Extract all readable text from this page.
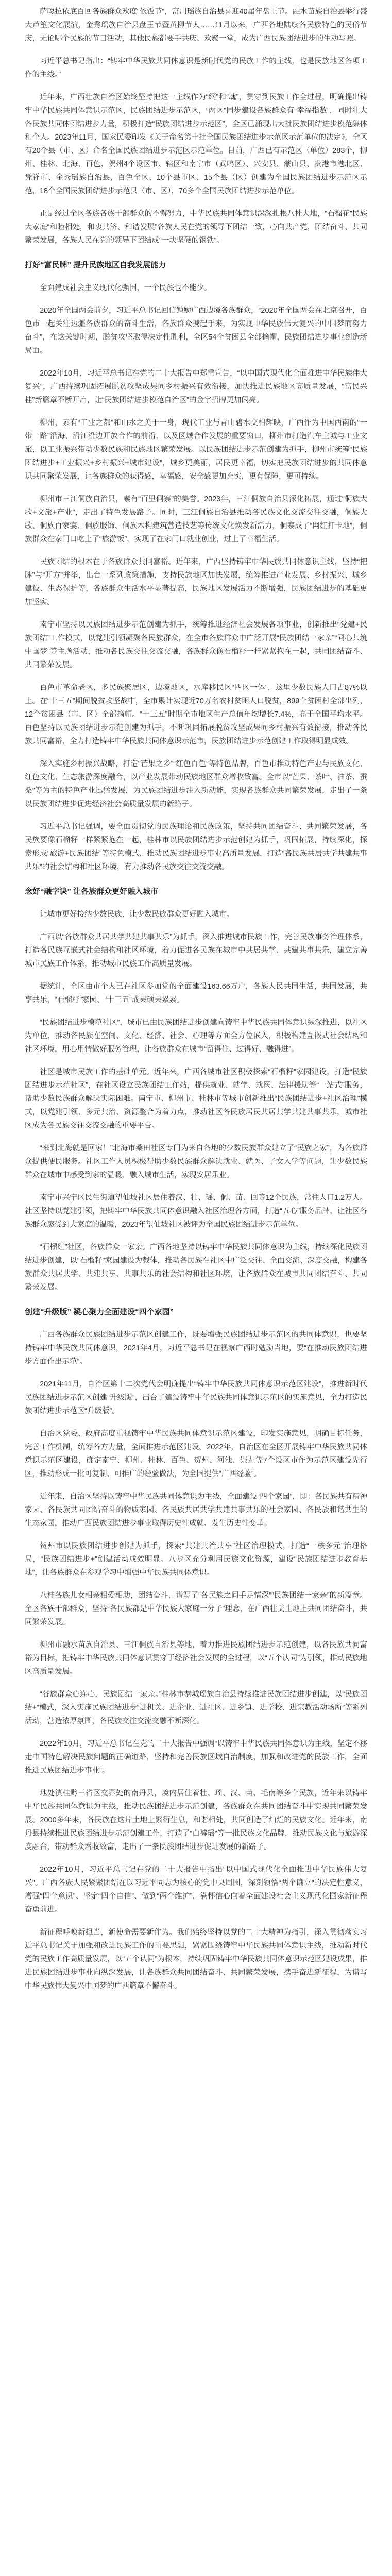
萨嘎拉依底百回各族群众欢度“依饭节”，富川瑶族自治县喜迎40届年盘王节。融水苗族自治县举行盛大芦笙文化展演，金秀瑶族自治县盘王节暨黄柳节人……11月以来，广西各地陆续各民族特色的民俗节庆，无论哪个民族的节日活动，其他民族都要手共庆、欢聚一堂，成为广西民族团结进步的生动写照。

习近平总书记指出：“铸牢中华民族共同体意识是新时代党的民族工作的主线，也是民族地区各项工作的主线。”

近年来，广西壮族自治区始终坚持把这一主线作为“纲”和“魂”，贯穿到民族工作全过程，明确提出铸牢中华民族共同体意识示范区，民族团结进步示范区，“两区”同步建设各族群众有“幸福指数”，同时壮大各民族共同体团结进步力量，积极打造“民族团结进步示范区”，全区已涌现出大批民族团结进步模范集体和个人。2023年11月，国家民委印发《关于命名第十批全国民族团结进步示范区示范单位的决定》，全区有20个县（市、区）命名全国民族团结进步示范区示范单位。目前，广西已有示范区（单位）283个，柳州、桂林、北海、百色、贺州4个设区市、辖区和南宁市（武鸣区）、兴安县、蒙山县、贵港市港北区、凭祥市、金秀瑶族自治县，百色全区、10个县市区、15个县（区）创建为全国民族团结进步示范区示范，18个全国民族团结进步示范县（市、区），70多个全国民族团结进步示范单位。

正是经过全区各族各族干部群众的不懈努力，中华民族共同体意识深深扎根八桂大地，“石榴花”民族大家庭“和睦相处，和衷共济、和谐发展”各族人民在党的领导下团结一致，心向共产党，团结奋斗、共同繁荣发展，各族人民在党的领导下团结成“一块坚硬的钢铁”。

打好“富民牌” 提升民族地区自我发展能力

全面建成社会主义现代化强国，一个民族也不能少。

2020年全国两会前夕，习近平总书记回信勉励广西边境各族群众，“2020年全国两会在北京召开，百色市一起关注边疆各族群众的奋斗生活，各族群众携起手来，为实现中华民族伟大复兴的中国梦而努力奋斗”，在这关键时期，脱贫攻坚取得决定性胜利，全区54个贫困县全部摘帽，民族团结进步事业创造新局面。

2022年10月，习近平总书记在党的二十大报告中郑重宣告，“以中国式现代化全面推进中华民族伟大复兴”，广西持续巩固拓展脱贫攻坚成果同乡村振兴有效衔接，加快推进民族地区高质量发展，“富民兴桂”新篇章不断开启，让“民族团结进步模范自治区”的金字招牌更加闪亮。

柳州，素有“工业之都”和山水之美于一身，现代工业与青山碧水交相辉映，广西作为中国西南的“一带一路”沿海、沿江沿边开放合作的前沿，以及区域合作发展的重要窗口，柳州市打造汽车主城与工业文旅，以工业振兴带动少数民族和民族地区繁荣发展。以民族团结进步示范创建为抓手，柳州市统筹“民族团结进步+工业振兴+乡村振兴+城市建设”，城乡更美丽，居民更幸福，切实把民族团结进步的共同体意识共同繁荣发展，让各族群众的获得感，幸福感，安全感更加充实，更有保障，更可持续。

柳州市三江侗族自治县，素有“百里侗寨”的美誉。2023年，三江侗族自治县深化拓展，通过“侗族大歌+文旅+产业”，走出了特色发展路子。同时，三江侗族自治县推动各民族文化交流交往交融，侗族大歌、侗族百家宴、侗族服饰、侗族木构建筑营造技艺等传统文化焕发新活力，侗寨成了“网红打卡地”，侗族群众在家门口吃上了“旅游饭”，实现了在家门口就业创业，过上了幸福生活。

民族团结的根本在于各族群众共同富裕。近年来，广西坚持铸牢中华民族共同体意识主线，坚持“把脉”与“开方”并举，出台一系列政策措施，支持民族地区加快发展，统筹推进产业发展、乡村振兴、城乡建设、生态保护等，各族群众生活水平显著提高，民族地区发展活力不断增强，民族团结进步的基础更加坚实。

南宁市坚持以民族团结进步示范创建为抓手，统筹推进经济社会发展各项事业，创新推出“党建+民族团结”工作模式，以党建引领凝聚各民族群众，在全市各族群众中广泛开展“民族团结一家亲”“同心共筑中国梦”等主题活动，推动各民族交往交流交融，各族群众像石榴籽一样紧紧抱在一起，共同团结奋斗、共同繁荣发展。

百色市革命老区，多民族聚居区，边境地区，水库移民区“四区一体”，这里少数民族人口占87%以上。在“十三五”期间脱贫攻坚战中，全市累计实现近70万名农村贫困人口脱贫，899个贫困村全部出列，12个贫困县（市、区）全部摘帽。“十三五”时期全市地区生产总值年均增长7.4%，高于全国平均水平。百色坚持以民族团结进步示范创建为抓手，不断巩固拓展脱贫攻坚成果同乡村振兴有效衔接，推动各民族共同富裕，全力打造铸牢中华民族共同体意识示范市，民族团结进步示范创建工作取得明显成效。

深入实施乡村振兴战略，打造“芒果之乡”“红色百色”等特色品牌，百色市推动特色产业与民族文化、红色文化、生态旅游深度融合，以产业发展带动民族地区群众增收致富。全市以“芒果、茶叶、油茶、蚕桑”等为主的特色产业迅猛发展，为民族团结进步注入新动能，实现各族群众共同繁荣发展，走出了一条以民族团结进步促进经济社会高质量发展的新路子。

习近平总书记强调，要全面贯彻党的民族理论和民族政策，坚持共同团结奋斗、共同繁荣发展，各民族要像石榴籽一样紧紧抱在一起，桂林市以民族团结进步示范创建为抓手，巩固拓展，持续深化，探索形成“旅游+民族团结”等特色模式，推动民族团结进步事业高质量发展，打造“各民族共居共学共建共事共乐”的社会结构和社区环境，有力推动各民族交往交流交融。

念好“融字诀” 让各族群众更好融入城市

让城市更好接纳少数民族，让少数民族群众更好融入城市。

广西以“各族群众共居共学共建共事共乐”为抓手，深入推进城市民族工作，完善民族事务治理体系，打造各民族互嵌式社会结构和社区环境，着力促进各民族在城市中共居共学、共建共事共乐，建立完善城市民族工作体系，推动城市民族工作高质量发展。

据统计，全区由市个人已在社区参加党的全面建设163.66万户，各族人民共同生活，共同发展，共享共乐，“石榴籽”家园、“十三五”成果硕果累累。

“民族团结进步模范社区”，城市已由民族团结进步创建向铸牢中华民族共同体意识纵深推进，以社区为单位，推动各民族在空间、文化、经济、社会、心理等方面全方位嵌入，积极构建互嵌式社会结构和社区环境，用心用情做好服务管理，让各族群众在城市“留得住、过得好、融得进”。

社区是城市民族工作的基础单元。近年来，广西各城市社区积极探索“石榴籽”家园建设，打造“民族团结进步示范社区”，在社区设立民族团结工作站，提供就业、就学、就医、法律援助等“一站式”服务，帮助少数民族群众解决实际困难。南宁市、柳州市、桂林市等城市创新推出“民族团结进步+社区治理”模式，以党建引领、多元共治、资源整合为着力点，推动社区各民族居民共居共学共建共事共乐，城市社区成为各民族交往交流交融的重要平台。

“来到北海就是回家！”北海市桑田社区专门为来自各地的少数民族群众建立了“民族之家”，为各族群众提供便民服务。社区工作人员积极帮助少数民族群众解决就业、就医、子女入学等问题，让少数民族群众在城市中感受到家的温暖，融入城市生活，实现安居乐业。

南宁市兴宁区民生街道望仙坡社区居住着汉、壮、瑶、侗、苗、回等12个民族，常住人口1.2万人。社区坚持以党建引领，把铸牢中华民族共同体意识融入社区治理各方面，打造“五心”服务品牌，让社区各族群众感受到大家庭的温暖，2023年望仙坡社区被评为全国民族团结进步示范单位。

“石榴红”社区，各族群众一家亲。广西各地坚持以铸牢中华民族共同体意识为主线，持续深化民族团结进步创建，以“石榴籽”家园建设为载体，推动各民族在社区中广泛交往、全面交流、深度交融，构建各族群众共居共学、共建共享、共事共乐的社会结构和社区环境，让各族群众在城市共同团结奋斗、共同繁荣发展。

创建“升级版” 凝心聚力全面建设“四个家园”

广西各族群众民族团结进步示范区创建工作，既要增强民族团结进步示范区的共同体意识，也要坚持铸牢中华民族共同体意识，2021年4月，习近平总书记在视察广西时勉励当地，要“在推动民族团结进步方面作出示范”。

2021年11月，自治区第十二次党代会明确提出“铸牢中华民族共同体意识示范区建设”，推进新时代民族团结进步示范区创建“升级版”，出台了建设铸牢中华民族共同体意识示范区的实施意见，全力打造民族团结进步示范区“升级版”。

自治区党委、政府高度重视铸牢中华民族共同体意识示范区建设，印发实施意见，明确目标任务，完善工作机制，统筹各方力量，全面推进示范区建设。2022年，自治区在全区开展铸牢中华民族共同体意识示范区建设，确定南宁、柳州、桂林、百色、贺州、河池、崇左等7个设区市作为示范区建设先行区，推动形成一批可复制、可推广的经验做法，为全国提供“广西经验”。

近年来，自治区坚持以铸牢中华民族共同体意识为主线，全面建设“四个家园”，即：各民族共有精神家园、各民族共同团结奋斗的物质家园、各民族共居共学共建共事共乐的社会家园、各民族和谐共生的生态家园，推动广西民族团结进步事业取得历史性成就、发生历史性变革。

贺州市以民族团结进步创建为抓手，探索“共建共治共享”社区治理模式，打造“一核多元”治理格局，“民族团结进步+”创建活动成效明显。八步区充分利用民族文化资源，建设“民族团结进步教育基地”，让各族群众在参观学习中增强中华民族共同体意识。

八桂各族儿女相亲相爱相助，团结奋斗，谱写了“各民族之间手足情深”“民族团结一家亲”的新篇章。全区各族干部群众，坚持“各民族都是中华民族大家庭一分子”理念，在广西壮美土地上共同团结奋斗，共同繁荣发展。

柳州市融水苗族自治县、三江侗族自治县等地，着力推进民族团结进步示范创建，以各民族共同富裕为目标，把铸牢中华民族共同体意识贯穿于经济社会发展的全过程，以“五个认同”为引领，推动民族地区高质量发展。

“各族群众心连心，民族团结一家亲。”桂林市恭城瑶族自治县持续推进民族团结进步创建，以“民族团结+”模式，深入实施民族团结进步“进机关、进企业、进社区、进乡镇、进学校、进宗教活动场所”等系列活动，营造浓厚氛围，各民族交往交流交融不断深化。

2022年10月，习近平总书记在党的二十大报告中强调“以铸牢中华民族共同体意识为主线，坚定不移走中国特色解决民族问题的正确道路，坚持和完善民族区域自治制度，加强和改进党的民族工作，全面推进民族团结进步事业”。

地处滇桂黔三省区交界处的南丹县，境内居住着壮、瑶、汉、苗、毛南等多个民族，近年来以铸牢中华民族共同体意识为主线，推动民族团结进步示范创建，各族群众在共同团结奋斗中实现共同繁荣发展。2000多年来，各民族在这片土地上繁衍生息，和谐相处，共同创造了灿烂的民族文化。近年来，南丹县持续推进民族团结进步示范创建工作，打造了“白裤瑶”等一批民族文化品牌，推动民族文化与旅游深度融合，带动群众增收致富，走出了一条民族团结进步促进发展的新路子。

2022年10月，习近平总书记在党的二十大报告中指出“以中国式现代化全面推进中华民族伟大复兴”。广西各族人民紧紧团结在以习近平同志为核心的党中央周围，深刻领悟“两个确立”的决定性意义，增强“四个意识”、坚定“四个自信”、做到“两个维护”，满怀信心向着全面建设社会主义现代化国家新征程奋勇前进。

新征程呼唤新担当，新使命需要新作为。我们始终坚持以党的二十大精神为指引，深入贯彻落实习近平总书记关于加强和改进民族工作的重要思想，紧紧围绕铸牢中华民族共同体意识主线，推动新时代党的民族工作高质量发展，以“五个认同”为根本，持续巩固铸牢中华民族共同体意识示范区建设成果，推进民族团结进步事业向纵深发展，让各族群众共同团结奋斗、共同繁荣发展，携手奋进新征程，为谱写中华民族伟大复兴中国梦的广西篇章不懈奋斗。
